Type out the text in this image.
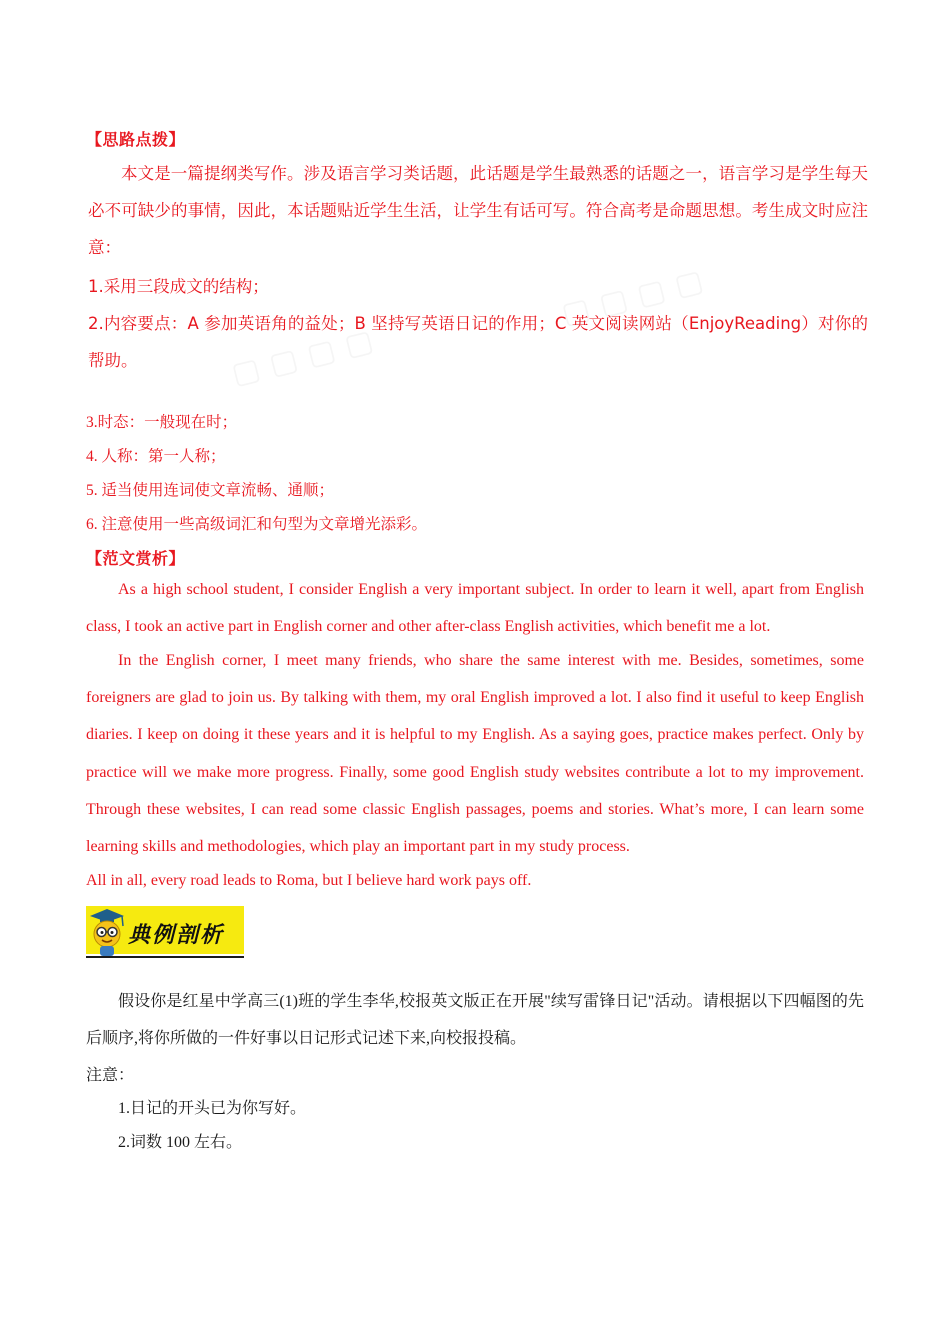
▢ ▢ ▢ ▢
▢ ▢ ▢ ▢
【思路点拨】
本文是一篇提纲类写作。涉及语言学习类话题，此话题是学生最熟悉的话题之一，语言学习是学生每天必不可缺少的事情，因此，本话题贴近学生生活，让学生有话可写。符合高考是命题思想。考生成文时应注意：
1.采用三段成文的结构；
2.内容要点：A 参加英语角的益处；B 坚持写英语日记的作用；C 英文阅读网站（EnjoyReading）对你的帮助。
3.时态：一般现在时；
4. 人称：第一人称；
5. 适当使用连词使文章流畅、通顺；
6. 注意使用一些高级词汇和句型为文章增光添彩。
【范文赏析】
As a high school student, I consider English a very important subject. In order to learn it well, apart from English class, I took an active part in English corner and other after-class English activities, which benefit me a lot.
In the English corner, I meet many friends, who share the same interest with me. Besides, sometimes, some foreigners are glad to join us. By talking with them, my oral English improved a lot. I also find it useful to keep English diaries. I keep on doing it these years and it is helpful to my English. As a saying goes, practice makes perfect. Only by practice will we make more progress. Finally, some good English study websites contribute a lot to my improvement. Through these websites, I can read some classic English passages, poems and stories. What’s more, I can learn some learning skills and methodologies, which play an important part in my study process.
All in all, every road leads to Roma, but I believe hard work pays off.
典例剖析
假设你是红星中学高三(1)班的学生李华,校报英文版正在开展"续写雷锋日记"活动。请根据以下四幅图的先后顺序,将你所做的一件好事以日记形式记述下来,向校报投稿。
注意：
1.日记的开头已为你写好。
2.词数 100 左右。
